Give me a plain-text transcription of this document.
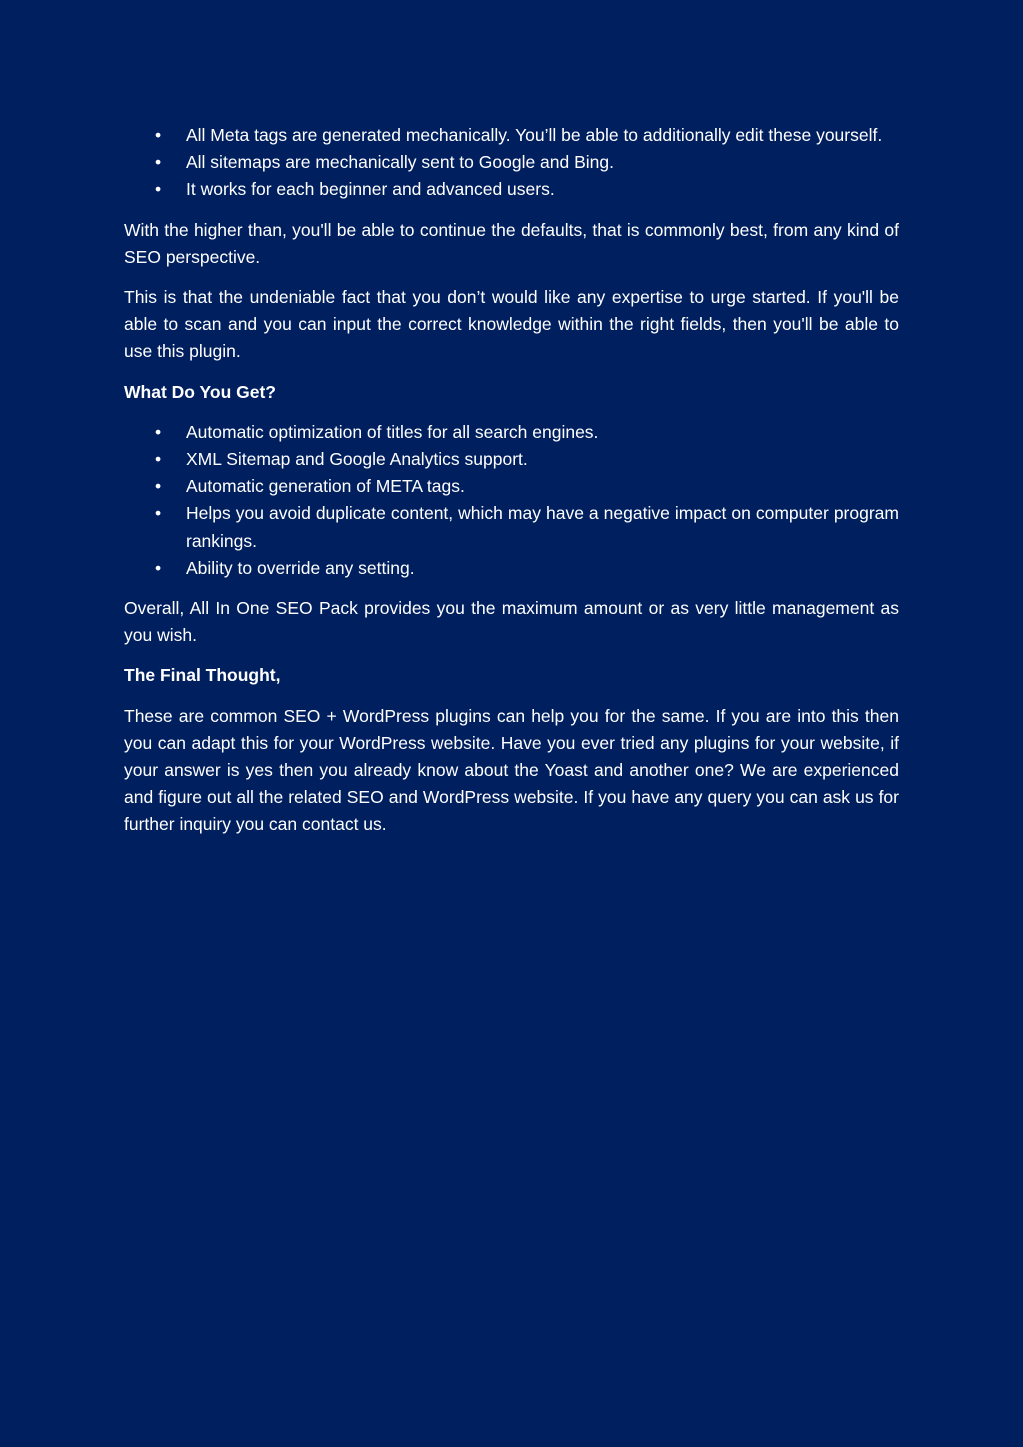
• All Meta tags are generated mechanically. You’ll be able to additionally edit these yourself.
• All sitemaps are mechanically sent to Google and Bing.
• It works for each beginner and advanced users.

With the higher than, you'll be able to continue the defaults, that is commonly best, from any kind of SEO perspective.

This is that the undeniable fact that you don’t would like any expertise to urge started. If you'll be able to scan and you can input the correct knowledge within the right fields, then you'll be able to use this plugin.

What Do You Get?

• Automatic optimization of titles for all search engines.
• XML Sitemap and Google Analytics support.
• Automatic generation of META tags.
• Helps you avoid duplicate content, which may have a negative impact on computer program rankings.
• Ability to override any setting.

Overall, All In One SEO Pack provides you the maximum amount or as very little management as you wish.

The Final Thought,

These are common SEO + WordPress plugins can help you for the same. If you are into this then you can adapt this for your WordPress website. Have you ever tried any plugins for your website, if your answer is yes then you already know about the Yoast and another one? We are experienced and figure out all the related SEO and WordPress website. If you have any query you can ask us for further inquiry you can contact us.
